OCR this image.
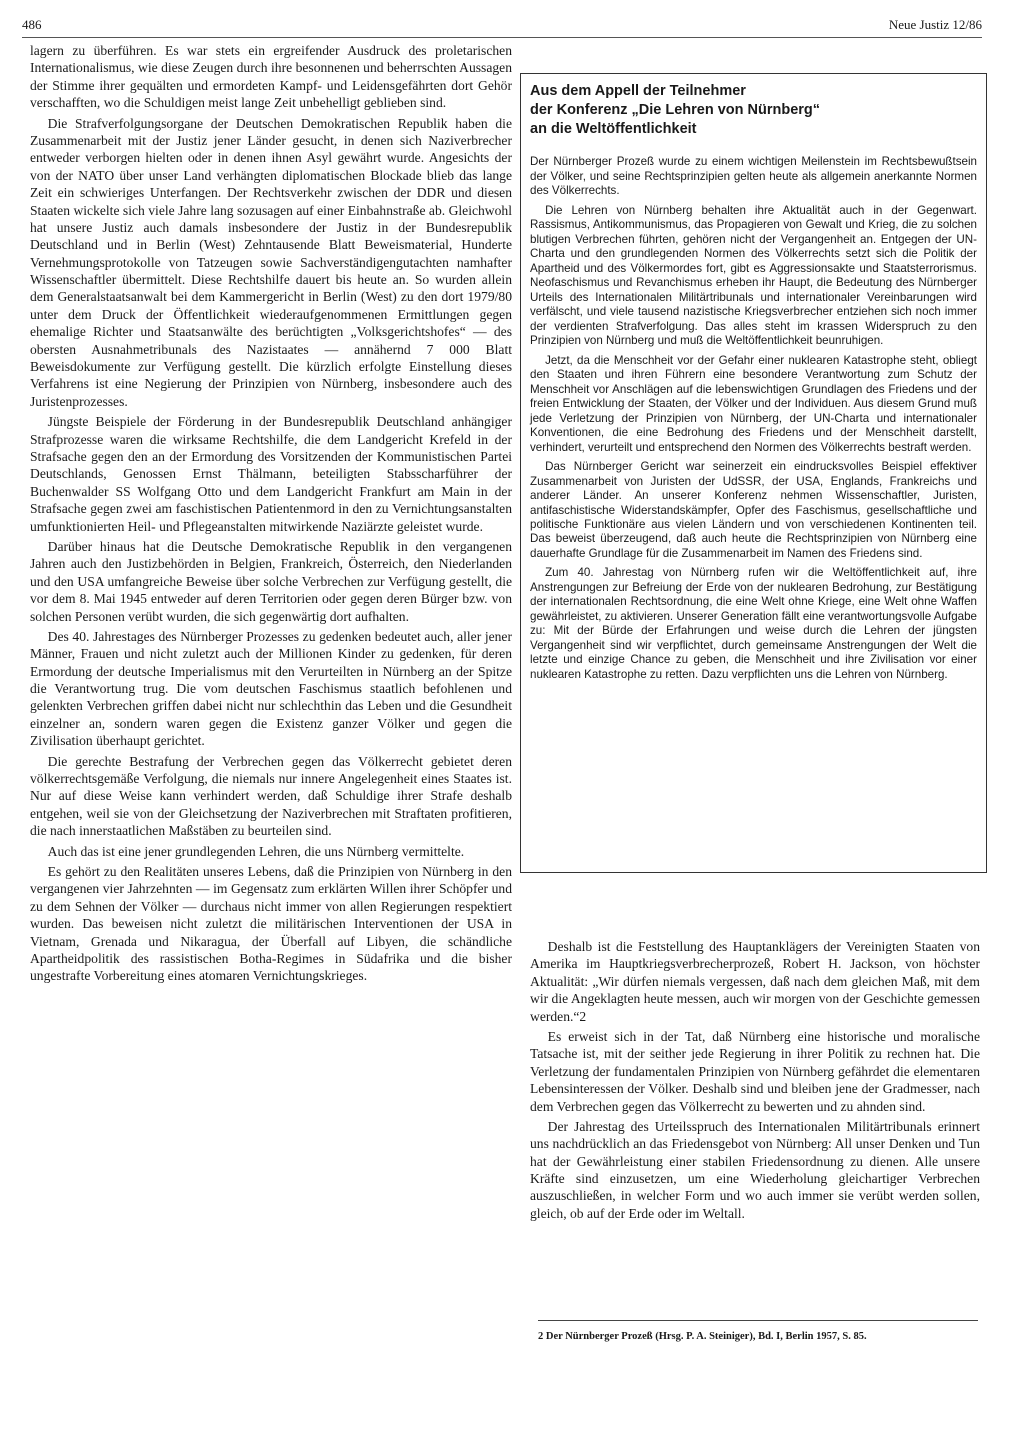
486	Neue Justiz 12/86

lagern zu überführen. Es war stets ein ergreifender Ausdruck des proletarischen Internationalismus, wie diese Zeugen durch ihre besonnenen und beherrschten Aussagen der Stimme ihrer gequälten und ermordeten Kampf- und Leidensgefährten dort Gehör verschafften, wo die Schuldigen meist lange Zeit unbehelligt geblieben sind.

Die Strafverfolgungsorgane der Deutschen Demokratischen Republik haben die Zusammenarbeit mit der Justiz jener Länder gesucht, in denen sich Naziverbrecher entweder verborgen hielten oder in denen ihnen Asyl gewährt wurde. Angesichts der von der NATO über unser Land verhängten diplomatischen Blockade blieb das lange Zeit ein schwieriges Unterfangen. Der Rechtsverkehr zwischen der DDR und diesen Staaten wickelte sich viele Jahre lang sozusagen auf einer Einbahnstraße ab. Gleichwohl hat unsere Justiz auch damals insbesondere der Justiz in der Bundesrepublik Deutschland und in Berlin (West) Zehntausende Blatt Beweismaterial, Hunderte Vernehmungsprotokolle von Tatzeugen sowie Sachverständigengutachten namhafter Wissenschaftler übermittelt. Diese Rechtshilfe dauert bis heute an. So wurden allein dem Generalstaatsanwalt bei dem Kammergericht in Berlin (West) zu den dort 1979/80 unter dem Druck der Öffentlichkeit wiederaufgenommenen Ermittlungen gegen ehemalige Richter und Staatsanwälte des berüchtigten „Volksgerichtshofes“ — des obersten Ausnahmetribunals des Nazistaates — annähernd 7 000 Blatt Beweisdokumente zur Verfügung gestellt. Die kürzlich erfolgte Einstellung dieses Verfahrens ist eine Negierung der Prinzipien von Nürnberg, insbesondere auch des Juristenprozesses.

Jüngste Beispiele der Förderung in der Bundesrepublik Deutschland anhängiger Strafprozesse waren die wirksame Rechtshilfe, die dem Landgericht Krefeld in der Strafsache gegen den an der Ermordung des Vorsitzenden der Kommunistischen Partei Deutschlands, Genossen Ernst Thälmann, beteiligten Stabsscharführer der Buchenwalder SS Wolfgang Otto und dem Landgericht Frankfurt am Main in der Strafsache gegen zwei am faschistischen Patientenmord in den zu Vernichtungsanstalten umfunktionierten Heil- und Pflegeanstalten mitwirkende Naziärzte geleistet wurde.

Darüber hinaus hat die Deutsche Demokratische Republik in den vergangenen Jahren auch den Justizbehörden in Belgien, Frankreich, Österreich, den Niederlanden und den USA umfangreiche Beweise über solche Verbrechen zur Verfügung gestellt, die vor dem 8. Mai 1945 entweder auf deren Territorien oder gegen deren Bürger bzw. von solchen Personen verübt wurden, die sich gegenwärtig dort aufhalten.

Des 40. Jahrestages des Nürnberger Prozesses zu gedenken bedeutet auch, aller jener Männer, Frauen und nicht zuletzt auch der Millionen Kinder zu gedenken, für deren Ermordung der deutsche Imperialismus mit den Verurteilten in Nürnberg an der Spitze die Verantwortung trug. Die vom deutschen Faschismus staatlich befohlenen und gelenkten Verbrechen griffen dabei nicht nur schlechthin das Leben und die Gesundheit einzelner an, sondern waren gegen die Existenz ganzer Völker und gegen die Zivilisation überhaupt gerichtet.

Die gerechte Bestrafung der Verbrechen gegen das Völkerrecht gebietet deren völkerrechtsgemäße Verfolgung, die niemals nur innere Angelegenheit eines Staates ist. Nur auf diese Weise kann verhindert werden, daß Schuldige ihrer Strafe deshalb entgehen, weil sie von der Gleichsetzung der Naziverbrechen mit Straftaten profitieren, die nach innerstaatlichen Maßstäben zu beurteilen sind.

Auch das ist eine jener grundlegenden Lehren, die uns Nürnberg vermittelte.

Es gehört zu den Realitäten unseres Lebens, daß die Prinzipien von Nürnberg in den vergangenen vier Jahrzehnten — im Gegensatz zum erklärten Willen ihrer Schöpfer und zu dem Sehnen der Völker — durchaus nicht immer von allen Regierungen respektiert wurden. Das beweisen nicht zuletzt die militärischen Interventionen der USA in Vietnam, Grenada und Nikaragua, der Überfall auf Libyen, die schändliche Apartheidpolitik des rassistischen Botha-Regimes in Südafrika und die bisher ungestrafte Vorbereitung eines atomaren Vernichtungskrieges.

Aus dem Appell der Teilnehmer
der Konferenz „Die Lehren von Nürnberg“
an die Weltöffentlichkeit

Der Nürnberger Prozeß wurde zu einem wichtigen Meilenstein im Rechtsbewußtsein der Völker, und seine Rechtsprinzipien gelten heute als allgemein anerkannte Normen des Völkerrechts.

Die Lehren von Nürnberg behalten ihre Aktualität auch in der Gegenwart. Rassismus, Antikommunismus, das Propagieren von Gewalt und Krieg, die zu solchen blutigen Verbrechen führten, gehören nicht der Vergangenheit an. Entgegen der UN-Charta und den grundlegenden Normen des Völkerrechts setzt sich die Politik der Apartheid und des Völkermordes fort, gibt es Aggressionsakte und Staatsterrorismus. Neofaschismus und Revanchismus erheben ihr Haupt, die Bedeutung des Nürnberger Urteils des Internationalen Militärtribunals und internationaler Vereinbarungen wird verfälscht, und viele tausend nazistische Kriegsverbrecher entziehen sich noch immer der verdienten Strafverfolgung. Das alles steht im krassen Widerspruch zu den Prinzipien von Nürnberg und muß die Weltöffentlichkeit beunruhigen.

Jetzt, da die Menschheit vor der Gefahr einer nuklearen Katastrophe steht, obliegt den Staaten und ihren Führern eine besondere Verantwortung zum Schutz der Menschheit vor Anschlägen auf die lebenswichtigen Grundlagen des Friedens und der freien Entwicklung der Staaten, der Völker und der Individuen. Aus diesem Grund muß jede Verletzung der Prinzipien von Nürnberg, der UN-Charta und internationaler Konventionen, die eine Bedrohung des Friedens und der Menschheit darstellt, verhindert, verurteilt und entsprechend den Normen des Völkerrechts bestraft werden.

Das Nürnberger Gericht war seinerzeit ein eindrucksvolles Beispiel effektiver Zusammenarbeit von Juristen der UdSSR, der USA, Englands, Frankreichs und anderer Länder. An unserer Konferenz nehmen Wissenschaftler, Juristen, antifaschistische Widerstandskämpfer, Opfer des Faschismus, gesellschaftliche und politische Funktionäre aus vielen Ländern und von verschiedenen Kontinenten teil. Das beweist überzeugend, daß auch heute die Rechtsprinzipien von Nürnberg eine dauerhafte Grundlage für die Zusammenarbeit im Namen des Friedens sind.

Zum 40. Jahrestag von Nürnberg rufen wir die Weltöffentlichkeit auf, ihre Anstrengungen zur Befreiung der Erde von der nuklearen Bedrohung, zur Bestätigung der internationalen Rechtsordnung, die eine Welt ohne Kriege, eine Welt ohne Waffen gewährleistet, zu aktivieren. Unserer Generation fällt eine verantwortungsvolle Aufgabe zu: Mit der Bürde der Erfahrungen und weise durch die Lehren der jüngsten Vergangenheit sind wir verpflichtet, durch gemeinsame Anstrengungen der Welt die letzte und einzige Chance zu geben, die Menschheit und ihre Zivilisation vor einer nuklearen Katastrophe zu retten. Dazu verpflichten uns die Lehren von Nürnberg.

Deshalb ist die Feststellung des Hauptanklägers der Vereinigten Staaten von Amerika im Hauptkriegsverbrecherprozeß, Robert H. Jackson, von höchster Aktualität: „Wir dürfen niemals vergessen, daß nach dem gleichen Maß, mit dem wir die Angeklagten heute messen, auch wir morgen von der Geschichte gemessen werden.“2

Es erweist sich in der Tat, daß Nürnberg eine historische und moralische Tatsache ist, mit der seither jede Regierung in ihrer Politik zu rechnen hat. Die Verletzung der fundamentalen Prinzipien von Nürnberg gefährdet die elementaren Lebensinteressen der Völker. Deshalb sind und bleiben jene der Gradmesser, nach dem Verbrechen gegen das Völkerrecht zu bewerten und zu ahnden sind.

Der Jahrestag des Urteilsspruch des Internationalen Militärtribunals erinnert uns nachdrücklich an das Friedensgebot von Nürnberg: All unser Denken und Tun hat der Gewährleistung einer stabilen Friedensordnung zu dienen. Alle unsere Kräfte sind einzusetzen, um eine Wiederholung gleichartiger Verbrechen auszuschließen, in welcher Form und wo auch immer sie verübt werden sollen, gleich, ob auf der Erde oder im Weltall.

2 Der Nürnberger Prozeß (Hrsg. P. A. Steiniger), Bd. I, Berlin 1957, S. 85.
